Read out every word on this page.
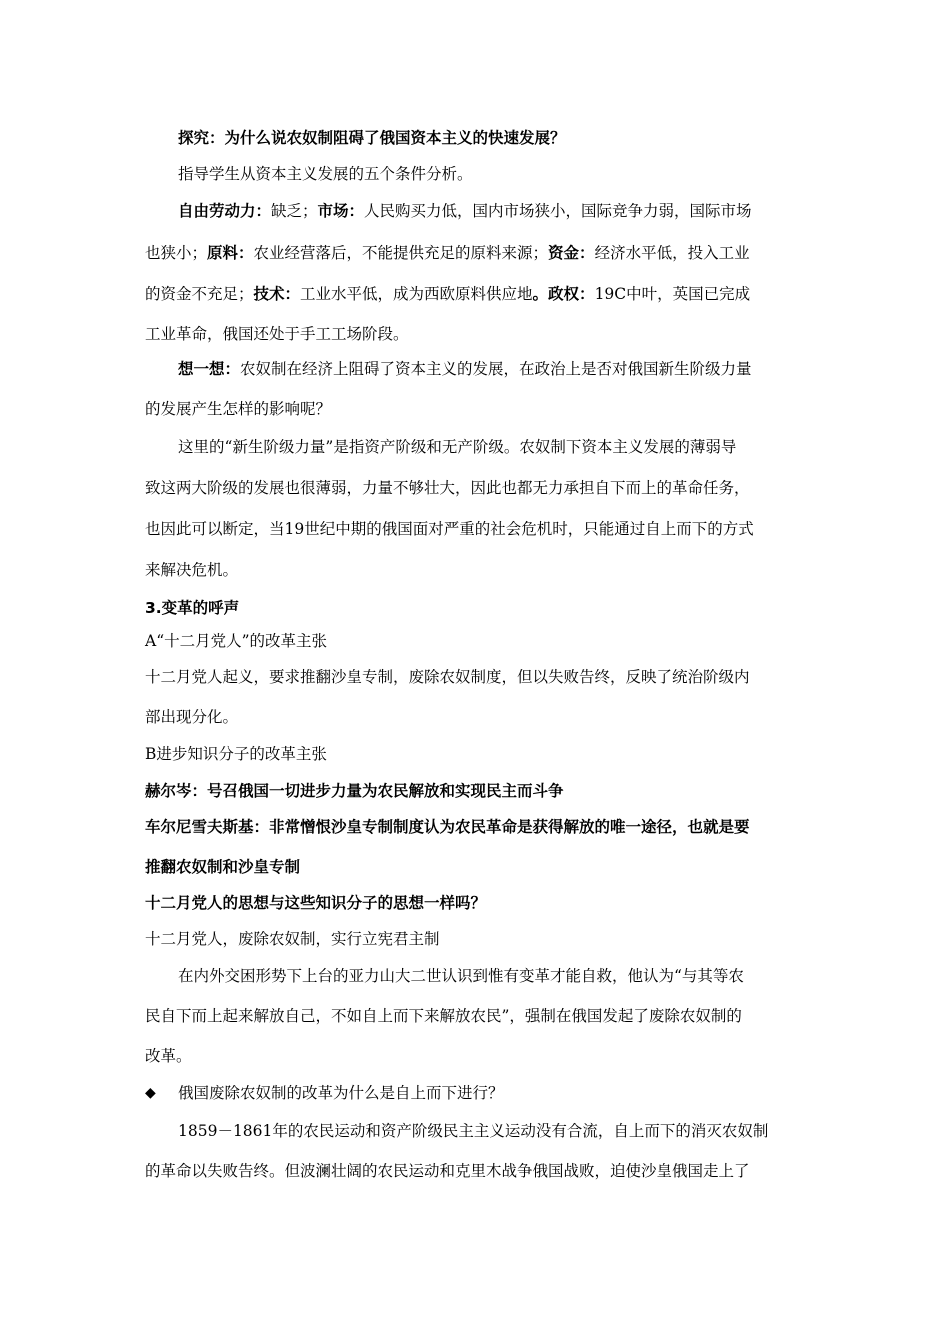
探究：为什么说农奴制阻碍了俄国资本主义的快速发展？
指导学生从资本主义发展的五个条件分析。
自由劳动力：缺乏；市场：人民购买力低，国内市场狭小，国际竞争力弱，国际市场
也狭小；原料：农业经营落后，不能提供充足的原料来源；资金：经济水平低，投入工业
的资金不充足；技术：工业水平低，成为西欧原料供应地。政权：19C中叶，英国已完成
工业革命，俄国还处于手工工场阶段。
想一想：农奴制在经济上阻碍了资本主义的发展，在政治上是否对俄国新生阶级力量
的发展产生怎样的影响呢？
这里的“新生阶级力量”是指资产阶级和无产阶级。农奴制下资本主义发展的薄弱导
致这两大阶级的发展也很薄弱，力量不够壮大，因此也都无力承担自下而上的革命任务，
也因此可以断定，当19世纪中期的俄国面对严重的社会危机时，只能通过自上而下的方式
来解决危机。
3.变革的呼声
A“十二月党人”的改革主张
十二月党人起义，要求推翻沙皇专制，废除农奴制度，但以失败告终，反映了统治阶级内
部出现分化。
B进步知识分子的改革主张
赫尔岑：号召俄国一切进步力量为农民解放和实现民主而斗争
车尔尼雪夫斯基：非常憎恨沙皇专制制度认为农民革命是获得解放的唯一途径，也就是要
推翻农奴制和沙皇专制
十二月党人的思想与这些知识分子的思想一样吗？
十二月党人，废除农奴制，实行立宪君主制
在内外交困形势下上台的亚力山大二世认识到惟有变革才能自救，他认为“与其等农
民自下而上起来解放自己，不如自上而下来解放农民”，强制在俄国发起了废除农奴制的
改革。
◆ 俄国废除农奴制的改革为什么是自上而下进行？
1859－1861年的农民运动和资产阶级民主主义运动没有合流，自上而下的消灭农奴制
的革命以失败告终。但波澜壮阔的农民运动和克里木战争俄国战败，迫使沙皇俄国走上了
